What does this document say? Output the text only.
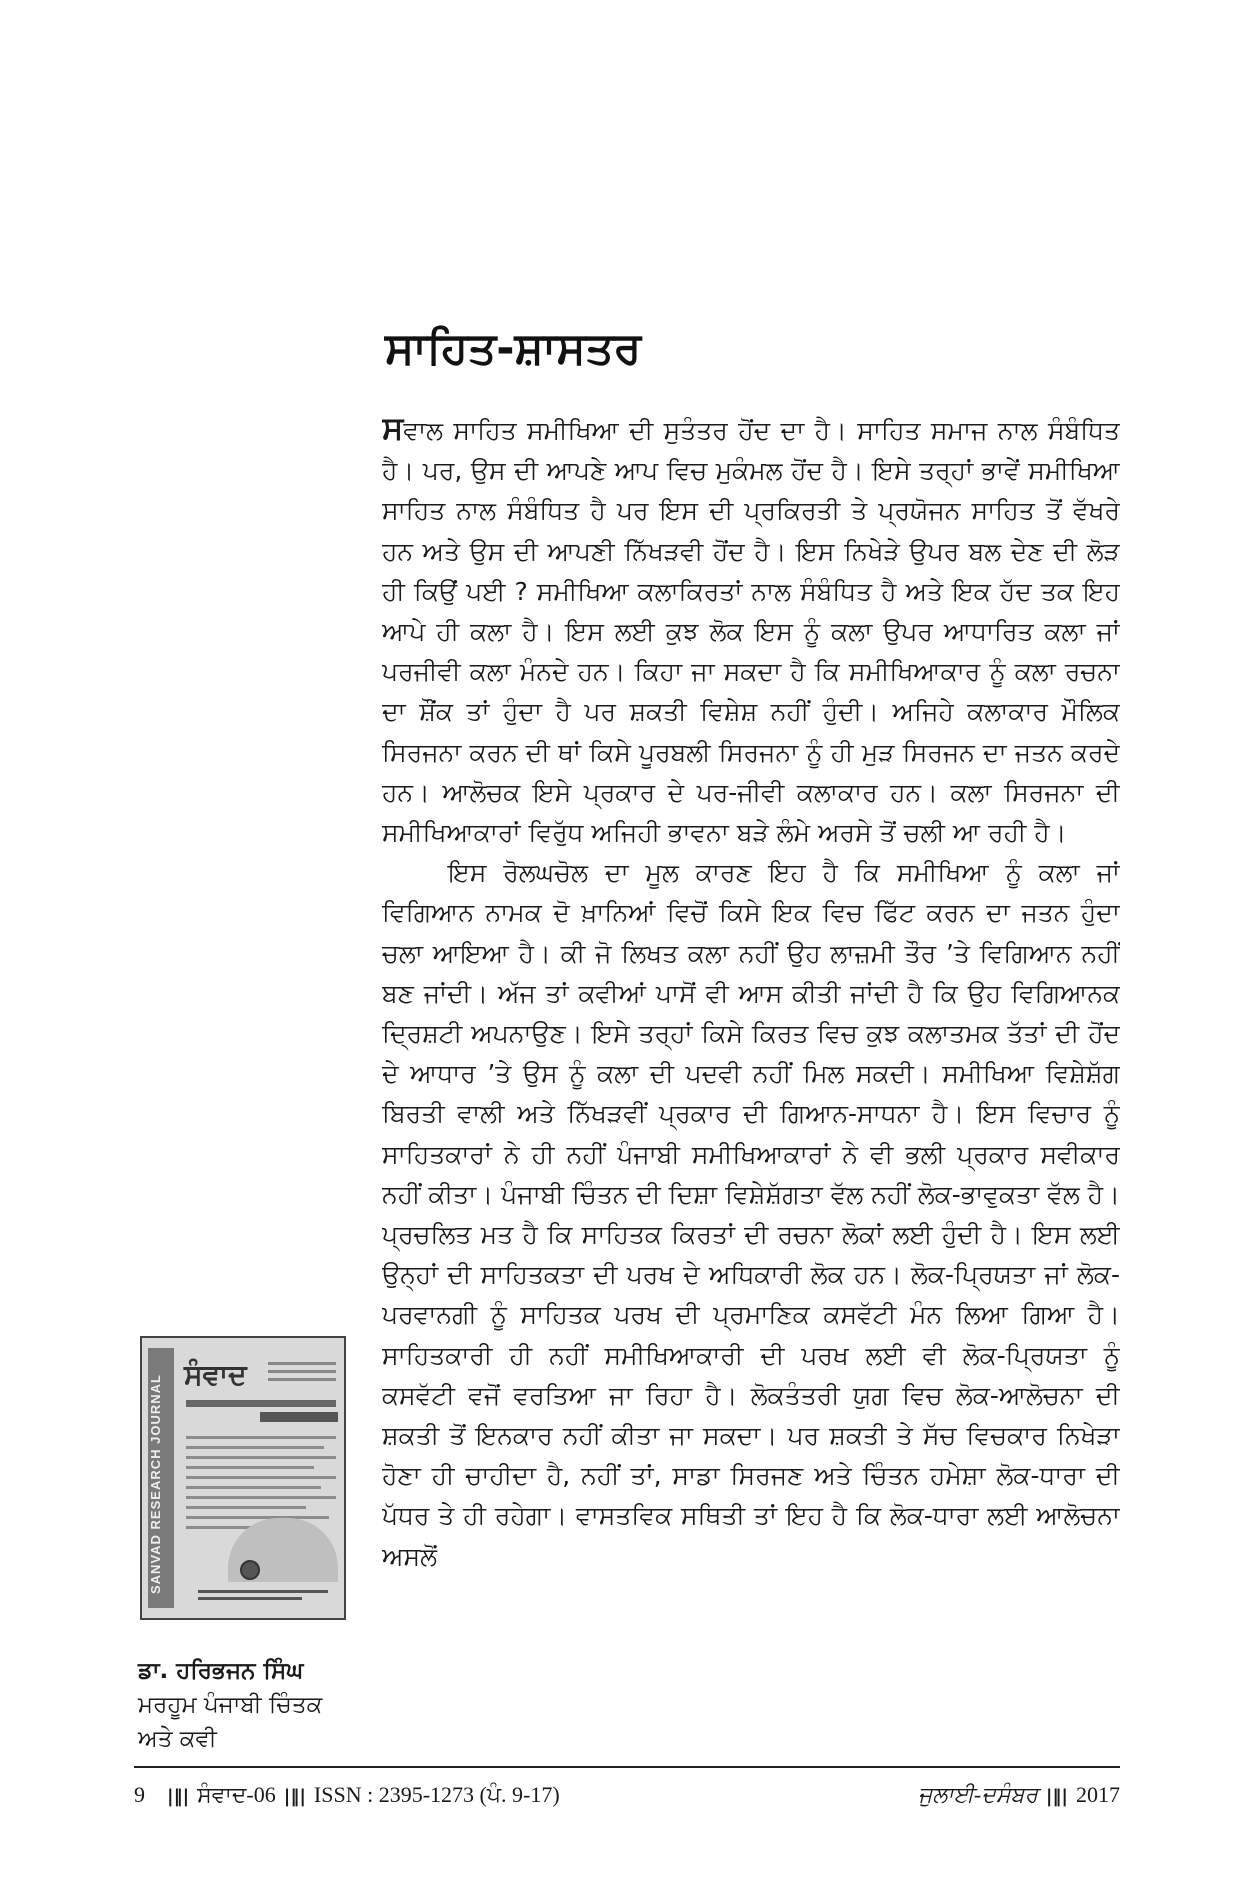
ਸਾਹਿਤ-ਸ਼ਾਸਤਰ

ਸਵਾਲ ਸਾਹਿਤ ਸਮੀਖਿਆ ਦੀ ਸੁਤੰਤਰ ਹੋਂਦ ਦਾ ਹੈ। ਸਾਹਿਤ ਸਮਾਜ ਨਾਲ ਸੰਬੰਧਿਤ ਹੈ। ਪਰ, ਉਸ ਦੀ ਆਪਣੇ ਆਪ ਵਿਚ ਮੁਕੰਮਲ ਹੋਂਦ ਹੈ। ਇਸੇ ਤਰ੍ਹਾਂ ਭਾਵੇਂ ਸਮੀਖਿਆ ਸਾਹਿਤ ਨਾਲ ਸੰਬੰਧਿਤ ਹੈ ਪਰ ਇਸ ਦੀ ਪ੍ਰਕਿਰਤੀ ਤੇ ਪ੍ਰਯੋਜਨ ਸਾਹਿਤ ਤੋਂ ਵੱਖਰੇ ਹਨ ਅਤੇ ਉਸ ਦੀ ਆਪਣੀ ਨਿੱਖੜਵੀ ਹੋਂਦ ਹੈ। ਇਸ ਨਿਖੇੜੇ ਉਪਰ ਬਲ ਦੇਣ ਦੀ ਲੋੜ ਹੀ ਕਿਉਂ ਪਈ ? ਸਮੀਖਿਆ ਕਲਾਕਿਰਤਾਂ ਨਾਲ ਸੰਬੰਧਿਤ ਹੈ ਅਤੇ ਇਕ ਹੱਦ ਤਕ ਇਹ ਆਪੇ ਹੀ ਕਲਾ ਹੈ। ਇਸ ਲਈ ਕੁਝ ਲੋਕ ਇਸ ਨੂੰ ਕਲਾ ਉਪਰ ਆਧਾਰਿਤ ਕਲਾ ਜਾਂ ਪਰਜੀਵੀ ਕਲਾ ਮੰਨਦੇ ਹਨ। ਕਿਹਾ ਜਾ ਸਕਦਾ ਹੈ ਕਿ ਸਮੀਖਿਆਕਾਰ ਨੂੰ ਕਲਾ ਰਚਨਾ ਦਾ ਸ਼ੌਂਕ ਤਾਂ ਹੁੰਦਾ ਹੈ ਪਰ ਸ਼ਕਤੀ ਵਿਸ਼ੇਸ਼ ਨਹੀਂ ਹੁੰਦੀ। ਅਜਿਹੇ ਕਲਾਕਾਰ ਮੌਲਿਕ ਸਿਰਜਨਾ ਕਰਨ ਦੀ ਥਾਂ ਕਿਸੇ ਪੂਰਬਲੀ ਸਿਰਜਨਾ ਨੂੰ ਹੀ ਮੁੜ ਸਿਰਜਨ ਦਾ ਜਤਨ ਕਰਦੇ ਹਨ। ਆਲੋਚਕ ਇਸੇ ਪ੍ਰਕਾਰ ਦੇ ਪਰ-ਜੀਵੀ ਕਲਾਕਾਰ ਹਨ। ਕਲਾ ਸਿਰਜਨਾ ਦੀ ਸਮੀਖਿਆਕਾਰਾਂ ਵਿਰੁੱਧ ਅਜਿਹੀ ਭਾਵਨਾ ਬੜੇ ਲੰਮੇ ਅਰਸੇ ਤੋਂ ਚਲੀ ਆ ਰਹੀ ਹੈ।

ਇਸ ਰੋਲਘਚੋਲ ਦਾ ਮੂਲ ਕਾਰਣ ਇਹ ਹੈ ਕਿ ਸਮੀਖਿਆ ਨੂੰ ਕਲਾ ਜਾਂ ਵਿਗਿਆਨ ਨਾਮਕ ਦੋ ਖ਼ਾਨਿਆਂ ਵਿਚੋਂ ਕਿਸੇ ਇਕ ਵਿਚ ਫਿੱਟ ਕਰਨ ਦਾ ਜਤਨ ਹੁੰਦਾ ਚਲਾ ਆਇਆ ਹੈ। ਕੀ ਜੋ ਲਿਖਤ ਕਲਾ ਨਹੀਂ ਉਹ ਲਾਜ਼ਮੀ ਤੌਰ ’ਤੇ ਵਿਗਿਆਨ ਨਹੀਂ ਬਣ ਜਾਂਦੀ। ਅੱਜ ਤਾਂ ਕਵੀਆਂ ਪਾਸੋਂ ਵੀ ਆਸ ਕੀਤੀ ਜਾਂਦੀ ਹੈ ਕਿ ਉਹ ਵਿਗਿਆਨਕ ਦ੍ਰਿਸ਼ਟੀ ਅਪਨਾਉਣ। ਇਸੇ ਤਰ੍ਹਾਂ ਕਿਸੇ ਕਿਰਤ ਵਿਚ ਕੁਝ ਕਲਾਤਮਕ ਤੱਤਾਂ ਦੀ ਹੋਂਦ ਦੇ ਆਧਾਰ ’ਤੇ ਉਸ ਨੂੰ ਕਲਾ ਦੀ ਪਦਵੀ ਨਹੀਂ ਮਿਲ ਸਕਦੀ। ਸਮੀਖਿਆ ਵਿਸ਼ੇਸ਼ੱਗ ਬਿਰਤੀ ਵਾਲੀ ਅਤੇ ਨਿੱਖੜਵੀਂ ਪ੍ਰਕਾਰ ਦੀ ਗਿਆਨ-ਸਾਧਨਾ ਹੈ। ਇਸ ਵਿਚਾਰ ਨੂੰ ਸਾਹਿਤਕਾਰਾਂ ਨੇ ਹੀ ਨਹੀਂ ਪੰਜਾਬੀ ਸਮੀਖਿਆਕਾਰਾਂ ਨੇ ਵੀ ਭਲੀ ਪ੍ਰਕਾਰ ਸਵੀਕਾਰ ਨਹੀਂ ਕੀਤਾ। ਪੰਜਾਬੀ ਚਿੰਤਨ ਦੀ ਦਿਸ਼ਾ ਵਿਸ਼ੇਸ਼ੱਗਤਾ ਵੱਲ ਨਹੀਂ ਲੋਕ-ਭਾਵੁਕਤਾ ਵੱਲ ਹੈ। ਪ੍ਰਚਲਿਤ ਮਤ ਹੈ ਕਿ ਸਾਹਿਤਕ ਕਿਰਤਾਂ ਦੀ ਰਚਨਾ ਲੋਕਾਂ ਲਈ ਹੁੰਦੀ ਹੈ। ਇਸ ਲਈ ਉਨ੍ਹਾਂ ਦੀ ਸਾਹਿਤਕਤਾ ਦੀ ਪਰਖ ਦੇ ਅਧਿਕਾਰੀ ਲੋਕ ਹਨ। ਲੋਕ-ਪ੍ਰਿਯਤਾ ਜਾਂ ਲੋਕ-ਪਰਵਾਨਗੀ ਨੂੰ ਸਾਹਿਤਕ ਪਰਖ ਦੀ ਪ੍ਰਮਾਣਿਕ ਕਸਵੱਟੀ ਮੰਨ ਲਿਆ ਗਿਆ ਹੈ। ਸਾਹਿਤਕਾਰੀ ਹੀ ਨਹੀਂ ਸਮੀਖਿਆਕਾਰੀ ਦੀ ਪਰਖ ਲਈ ਵੀ ਲੋਕ-ਪ੍ਰਿਯਤਾ ਨੂੰ ਕਸਵੱਟੀ ਵਜੋਂ ਵਰਤਿਆ ਜਾ ਰਿਹਾ ਹੈ। ਲੋਕਤੰਤਰੀ ਯੁਗ ਵਿਚ ਲੋਕ-ਆਲੋਚਨਾ ਦੀ ਸ਼ਕਤੀ ਤੋਂ ਇਨਕਾਰ ਨਹੀਂ ਕੀਤਾ ਜਾ ਸਕਦਾ। ਪਰ ਸ਼ਕਤੀ ਤੇ ਸੱਚ ਵਿਚਕਾਰ ਨਿਖੇੜਾ ਹੋਣਾ ਹੀ ਚਾਹੀਦਾ ਹੈ, ਨਹੀਂ ਤਾਂ, ਸਾਡਾ ਸਿਰਜਣ ਅਤੇ ਚਿੰਤਨ ਹਮੇਸ਼ਾ ਲੋਕ-ਧਾਰਾ ਦੀ ਪੱਧਰ ਤੇ ਹੀ ਰਹੇਗਾ। ਵਾਸਤਵਿਕ ਸਥਿਤੀ ਤਾਂ ਇਹ ਹੈ ਕਿ ਲੋਕ-ਧਾਰਾ ਲਈ ਆਲੋਚਨਾ ਅਸਲੋਂ

SANVAD RESEARCH JOURNAL ਸੰਵਾਦ
ਡਾ. ਹਰਿਭਜਨ ਸਿੰਘ
ਮਰਹੂਮ ਪੰਜਾਬੀ ਚਿੰਤਕ
ਅਤੇ ਕਵੀ
9 |‖| ਸੰਵਾਦ-06 |‖| ISSN : 2395-1273 (ਪੰ. 9-17)	ਜੁਲਾਈ-ਦਸੰਬਰ |‖| 2017
